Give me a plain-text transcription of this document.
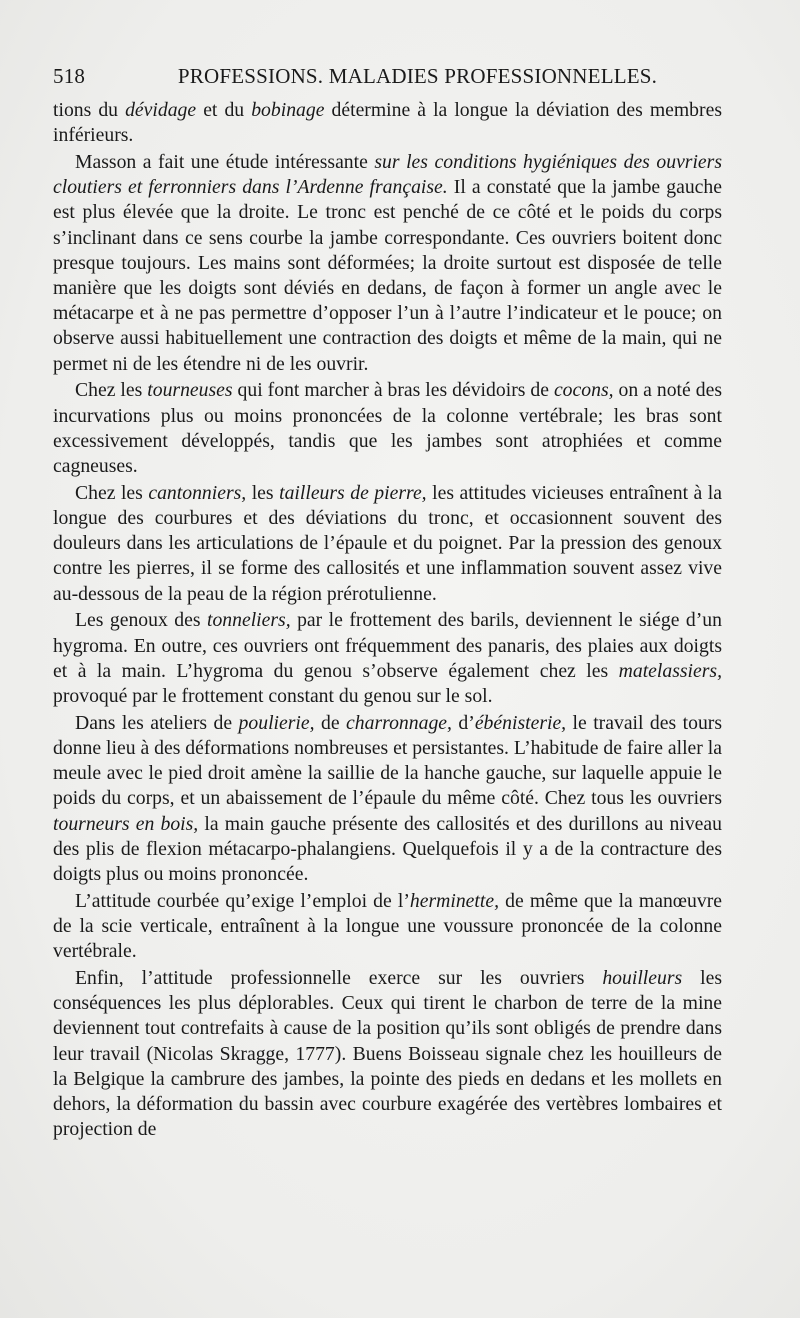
518	PROFESSIONS. MALADIES PROFESSIONNELLES.

tions du dévidage et du bobinage détermine à la longue la déviation des membres inférieurs.

Masson a fait une étude intéressante sur les conditions hygiéniques des ouvriers cloutiers et ferronniers dans l’Ardenne française. Il a constaté que la jambe gauche est plus élevée que la droite. Le tronc est penché de ce côté et le poids du corps s’inclinant dans ce sens courbe la jambe correspondante. Ces ouvriers boitent donc presque toujours. Les mains sont déformées; la droite surtout est disposée de telle manière que les doigts sont déviés en dedans, de façon à former un angle avec le métacarpe et à ne pas permettre d’opposer l’un à l’autre l’indicateur et le pouce; on observe aussi habituellement une contraction des doigts et même de la main, qui ne permet ni de les étendre ni de les ouvrir.

Chez les tourneuses qui font marcher à bras les dévidoirs de cocons, on a noté des incurvations plus ou moins prononcées de la colonne vertébrale; les bras sont excessivement développés, tandis que les jambes sont atrophiées et comme cagneuses.

Chez les cantonniers, les tailleurs de pierre, les attitudes vicieuses entraînent à la longue des courbures et des déviations du tronc, et occasionnent souvent des douleurs dans les articulations de l’épaule et du poignet. Par la pression des genoux contre les pierres, il se forme des callosités et une inflammation souvent assez vive au-dessous de la peau de la région prérotulienne.

Les genoux des tonneliers, par le frottement des barils, deviennent le siége d’un hygroma. En outre, ces ouvriers ont fréquemment des panaris, des plaies aux doigts et à la main. L’hygroma du genou s’observe également chez les matelassiers, provoqué par le frottement constant du genou sur le sol.

Dans les ateliers de poulierie, de charronnage, d’ébénisterie, le travail des tours donne lieu à des déformations nombreuses et persistantes. L’habitude de faire aller la meule avec le pied droit amène la saillie de la hanche gauche, sur laquelle appuie le poids du corps, et un abaissement de l’épaule du même côté. Chez tous les ouvriers tourneurs en bois, la main gauche présente des callosités et des durillons au niveau des plis de flexion métacarpo-phalangiens. Quelquefois il y a de la contracture des doigts plus ou moins prononcée.

L’attitude courbée qu’exige l’emploi de l’herminette, de même que la manœuvre de la scie verticale, entraînent à la longue une voussure prononcée de la colonne vertébrale.

Enfin, l’attitude professionnelle exerce sur les ouvriers houilleurs les conséquences les plus déplorables. Ceux qui tirent le charbon de terre de la mine deviennent tout contrefaits à cause de la position qu’ils sont obligés de prendre dans leur travail (Nicolas Skragge, 1777). Buens Boisseau signale chez les houilleurs de la Belgique la cambrure des jambes, la pointe des pieds en dedans et les mollets en dehors, la déformation du bassin avec courbure exagérée des vertèbres lombaires et projection de
